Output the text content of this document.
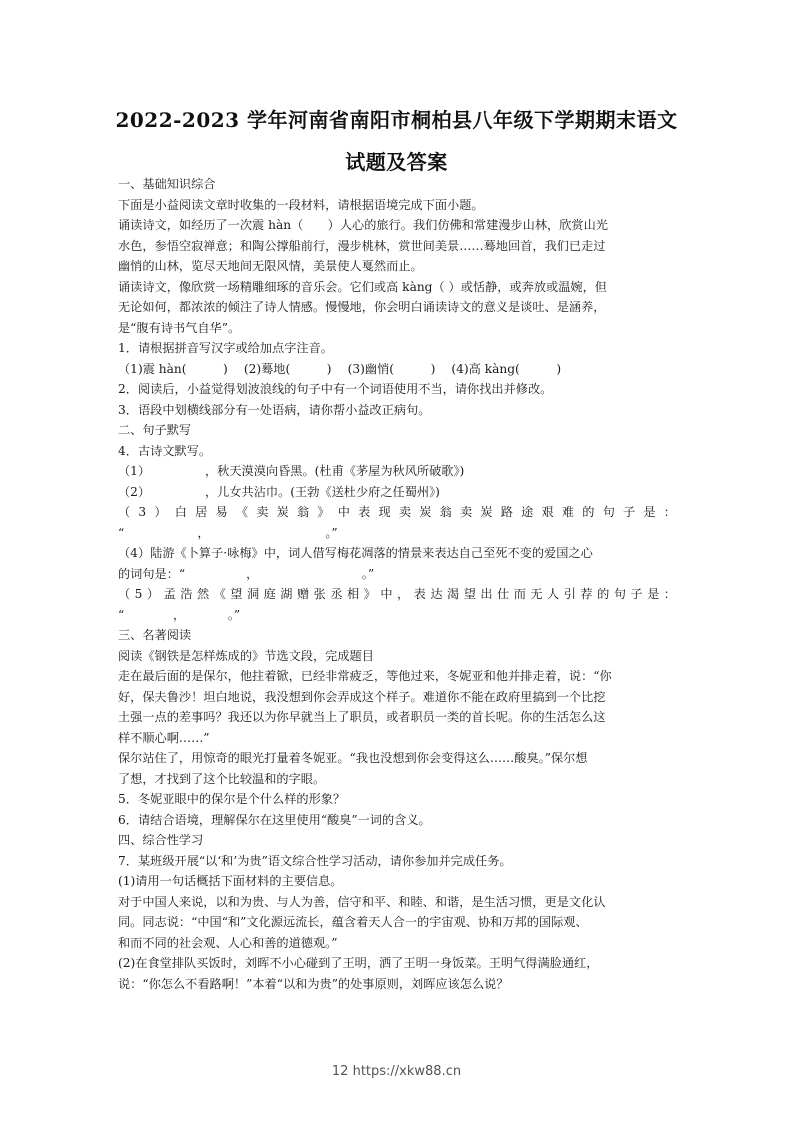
2022-2023 学年河南省南阳市桐柏县八年级下学期期末语文
试题及答案
一、基础知识综合
下面是小益阅读文章时收集的一段材料，请根据语境完成下面小题。
诵读诗文，如经历了一次震 hàn（　　）人心的旅行。我们仿佛和常建漫步山林，欣赏山光
水色，参悟空寂禅意；和陶公撑船前行，漫步桃林，赏世间美景……蓦地回首，我们已走过
幽悄的山林，览尽天地间无限风情，美景使人戛然而止。
诵读诗文，像欣赏一场精雕细琢的音乐会。它们或高 kàng（ ）或恬静，或奔放或温婉，但
无论如何，都浓浓的倾注了诗人情感。慢慢地，你会明白诵读诗文的意义是谈吐、是涵养，
是“腹有诗书气自华”。
1．请根据拼音写汉字或给加点字注音。
（1)震 hàn(　　　)　 (2)蓦地(　　　)　 (3)幽悄(　　　)　 (4)高 kàng(　　　)
2．阅读后，小益觉得划波浪线的句子中有一个词语使用不当，请你找出并修改。
3．语段中划横线部分有一处语病，请你帮小益改正病句。
二、句子默写
4．古诗文默写。
（1）　　　　　，秋天漠漠向昏黑。(杜甫《茅屋为秋风所破歌》)
（2）　　　　　，儿女共沾巾。(王勃《送杜少府之任蜀州》)
（ 3 ） 白 居 易 《 卖 炭 翁 》 中 表 现 卖 炭 翁 卖 炭 路 途 艰 难 的 句 子 是 ：
“　　　　　　，　　　　　　　　　　。”
（4）陆游《卜算子·咏梅》中，词人借写梅花凋落的情景来表达自己至死不变的爱国之心
的词句是：“　　　　　，　　　　　　　　　。”
（ 5 ） 孟 浩 然 《 望 洞 庭 湖 赠 张 丞 相 》 中 ， 表 达 渴 望 出 仕 而 无 人 引 荐 的 句 子 是 ：
“　　　　，　　　　。”
三、名著阅读
阅读《钢铁是怎样炼成的》节选文段，完成题目
走在最后面的是保尔，他拄着锨，已经非常疲乏，等他过来，冬妮亚和他并排走着，说：“你
好，保夫鲁沙！坦白地说，我没想到你会弄成这个样子。难道你不能在政府里搞到一个比挖
土强一点的差事吗？我还以为你早就当上了职员，或者职员一类的首长呢。你的生活怎么这
样不顺心啊……”
保尔站住了，用惊奇的眼光打量着冬妮亚。“我也没想到你会变得这么……酸臭。”保尔想
了想，才找到了这个比较温和的字眼。
5．冬妮亚眼中的保尔是个什么样的形象？
6．请结合语境，理解保尔在这里使用“酸臭”一词的含义。
四、综合性学习
7．某班级开展“以‘和’为贵”语文综合性学习活动，请你参加并完成任务。
(1)请用一句话概括下面材料的主要信息。
对于中国人来说，以和为贵、与人为善，信守和平、和睦、和谐，是生活习惯，更是文化认
同。同志说：“中国“和”文化源远流长，蕴含着天人合一的宇宙观、协和万邦的国际观、
和而不同的社会观、人心和善的道德观。”
(2)在食堂排队买饭时，刘晖不小心碰到了王明，洒了王明一身饭菜。王明气得满脸通红，
说：“你怎么不看路啊！”本着“以和为贵”的处事原则，刘晖应该怎么说？
12 https://xkw88.cn
